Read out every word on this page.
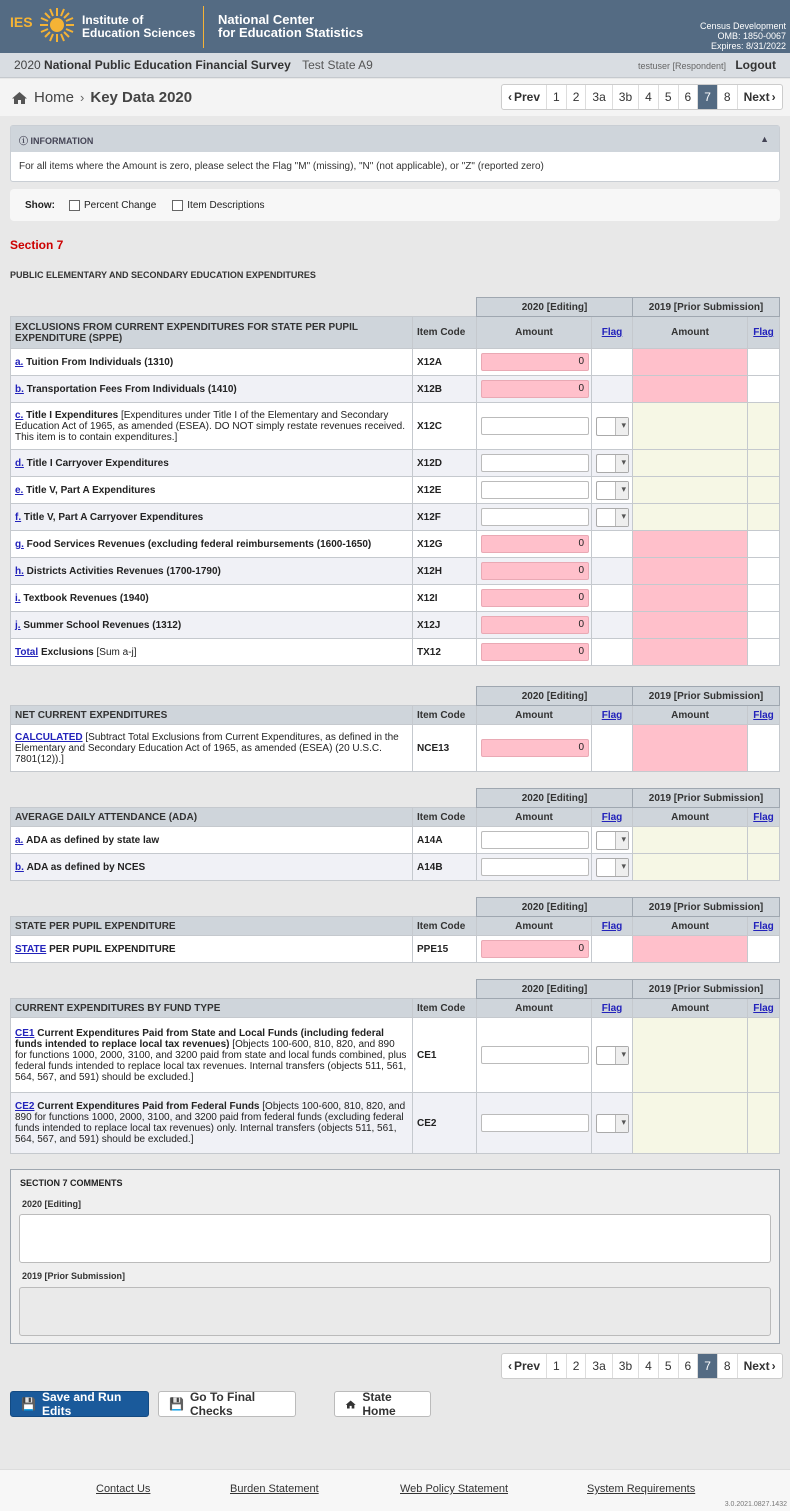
IES	Institute of
Education Sciences
National Center
for Education Statistics	Census Development
OMB: 1850-0067
Expires: 8/31/2022
2020 National Public Education Financial Survey Test State A9	testuser [Respondent] Logout
Home › Key Data 2020	‹ Prev	1	2	3a	3b	4	5	6	7	8	Next ›
ⓘ INFORMATION	▲
For all items where the Amount is zero, please select the Flag "M" (missing), "N" (not applicable), or "Z" (reported zero)
Show:	Percent Change	Item Descriptions
Section 7
PUBLIC ELEMENTARY AND SECONDARY EDUCATION EXPENDITURES
		2020 [Editing]		2019 [Prior Submission]	
EXCLUSIONS FROM CURRENT EXPENDITURES FOR STATE PER PUPIL EXPENDITURE (SPPE)	Item Code	Amount	Flag	Amount	Flag
a. Tuition From Individuals (1310)	X12A	0			

b. Transportation Fees From Individuals (1410)	X12B	0			

c. Title I Expenditures [Expenditures under Title I of the Elementary and Secondary Education Act of 1965, as amended (ESEA). DO NOT simply restate revenues received. This item is to contain expenditures.]	X12C	

▾

d. Title I Carryover Expenditures	X12D	

▾

e. Title V, Part A Expenditures	X12E	

▾

f. Title V, Part A Carryover Expenditures	X12F	

▾

g. Food Services Revenues (excluding federal reimbursements (1600-1650)	X12G	0			

h. Districts Activities Revenues (1700-1790)	X12H	0			

i. Textbook Revenues (1940)	X12I	0			

j. Summer School Revenues (1312)	X12J	0			

Total Exclusions [Sum a-j]	TX12	0			

		2020 [Editing]		2019 [Prior Submission]	
NET CURRENT EXPENDITURES	Item Code	Amount	Flag	Amount	Flag
CALCULATED [Subtract Total Exclusions from Current Expenditures, as defined in the Elementary and Secondary Education Act of 1965, as amended (ESEA) (20 U.S.C. 7801(12)).]	NCE13	0			

		2020 [Editing]		2019 [Prior Submission]	
AVERAGE DAILY ATTENDANCE (ADA)	Item Code	Amount	Flag	Amount	Flag
a. ADA as defined by state law	A14A	

▾

b. ADA as defined by NCES	A14B	

▾

		2020 [Editing]		2019 [Prior Submission]	
STATE PER PUPIL EXPENDITURE	Item Code	Amount	Flag	Amount	Flag
STATE PER PUPIL EXPENDITURE	PPE15	0			

		2020 [Editing]		2019 [Prior Submission]	
CURRENT EXPENDITURES BY FUND TYPE	Item Code	Amount	Flag	Amount	Flag
CE1 Current Expenditures Paid from State and Local Funds (including federal funds intended to replace local tax revenues) [Objects 100-600, 810, 820, and 890 for functions 1000, 2000, 3100, and 3200 paid from state and local funds combined, plus federal funds intended to replace local tax revenues. Internal transfers (objects 511, 561, 564, 567, and 591) should be excluded.]	CE1	

▾

CE2 Current Expenditures Paid from Federal Funds [Objects 100-600, 810, 820, and 890 for functions 1000, 2000, 3100, and 3200 paid from federal funds (excluding federal funds intended to replace local tax revenues) only. Internal transfers (objects 511, 561, 564, 567, and 591) should be excluded.]	CE2	

▾

SECTION 7 COMMENTS
2020 [Editing]
2019 [Prior Submission]
‹ Prev	1	2	3a	3b	4	5	6	7	8	Next ›
💾 Save and Run Edits	💾 Go To Final Checks
State Home
Contact Us	Burden Statement	Web Policy Statement	System Requirements
3.0.2021.0827.1432
